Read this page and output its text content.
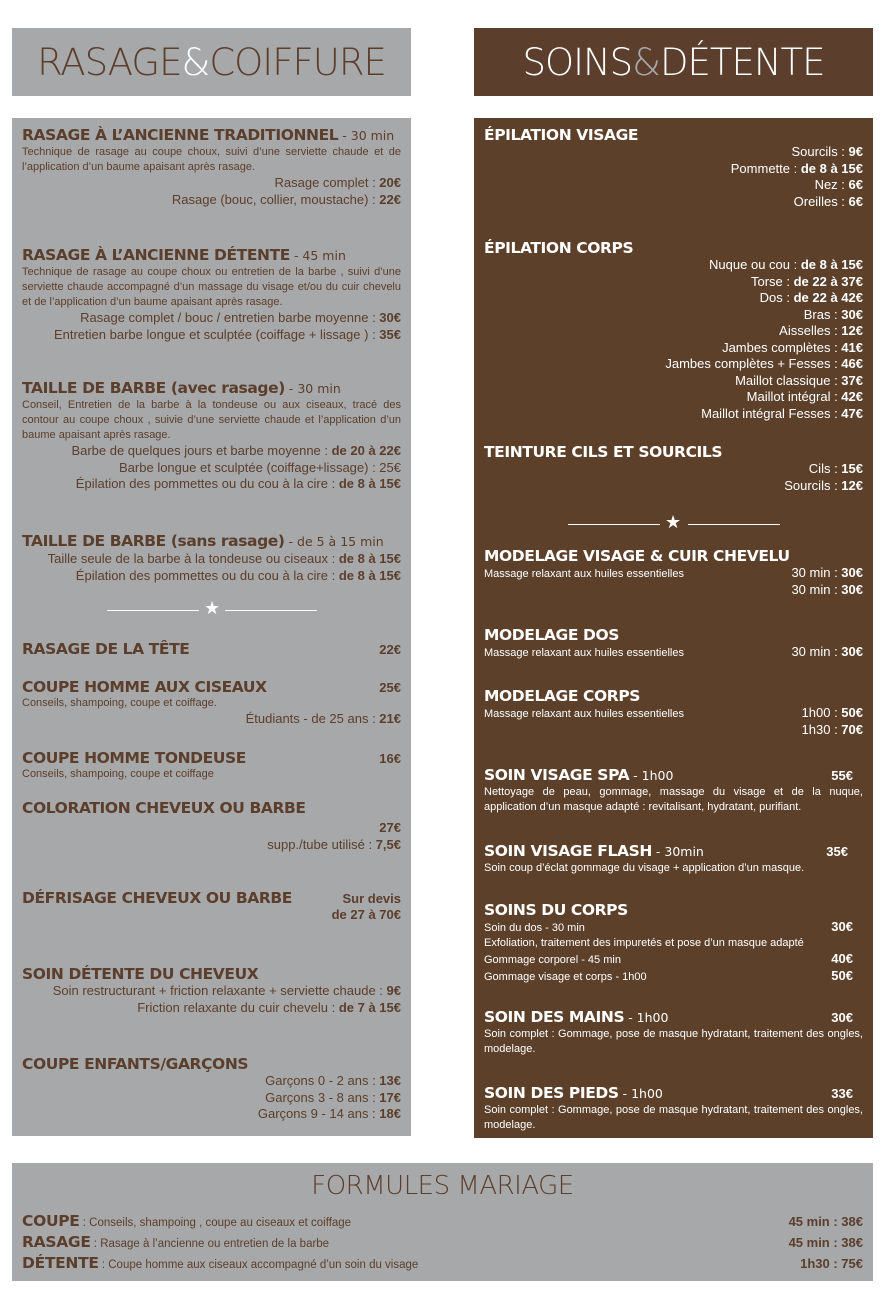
RASAGE & COIFFURE	SOINS & DÉTENTE
RASAGE À L’ANCIENNE TRADITIONNEL - 30 min
Technique de rasage au coupe choux, suivi d’une serviette chaude et de l’application d’un baume apaisant après rasage.
Rasage complet : 20€
Rasage (bouc, collier, moustache) : 22€
RASAGE À L’ANCIENNE DÉTENTE - 45 min
Technique de rasage au coupe choux ou entretien de la barbe , suivi d’une serviette chaude accompagné d’un massage du visage et/ou du cuir chevelu et de l’application d’un baume apaisant après rasage.
Rasage complet / bouc / entretien barbe moyenne : 30€
Entretien barbe longue et sculptée (coiffage + lissage ) : 35€
TAILLE DE BARBE (avec rasage) - 30 min
Conseil, Entretien de la barbe à la tondeuse ou aux ciseaux, tracé des contour au coupe choux , suivie d’une serviette chaude et l’application d’un baume apaisant après rasage.
Barbe de quelques jours et barbe moyenne : de 20 à 22€
Barbe longue et sculptée (coiffage+lissage) : 25€
Épilation des pommettes ou du cou à la cire : de 8 à 15€
TAILLE DE BARBE (sans rasage) - de 5 à 15 min
Taille seule de la barbe à la tondeuse ou ciseaux : de 8 à 15€
Épilation des pommettes ou du cou à la cire : de 8 à 15€
★
RASAGE DE LA TÊTE	22€
COUPE HOMME AUX CISEAUX	25€
Conseils, shampoing, coupe et coiffage.
Étudiants - de 25 ans : 21€
COUPE HOMME TONDEUSE	16€
Conseils, shampoing, coupe et coiffage
COLORATION CHEVEUX OU BARBE
27€
supp./tube utilisé : 7,5€
DÉFRISAGE CHEVEUX OU BARBE	Sur devis
de 27 à 70€
SOIN DÉTENTE DU CHEVEUX
Soin restructurant + friction relaxante + serviette chaude : 9€
Friction relaxante du cuir chevelu : de 7 à 15€
COUPE ENFANTS/GARÇONS
Garçons 0 - 2 ans : 13€
Garçons 3 - 8 ans : 17€
Garçons 9 - 14 ans : 18€
ÉPILATION VISAGE
Sourcils : 9€
Pommette : de 8 à 15€
Nez : 6€
Oreilles : 6€
ÉPILATION CORPS
Nuque ou cou : de 8 à 15€
Torse : de 22 à 37€
Dos : de 22 à 42€
Bras : 30€
Aisselles : 12€
Jambes complètes : 41€
Jambes complètes + Fesses : 46€
Maillot classique : 37€
Maillot intégral : 42€
Maillot intégral Fesses : 47€
TEINTURE CILS ET SOURCILS
Cils : 15€
Sourcils : 12€
★
MODELAGE VISAGE & CUIR CHEVELU
Massage relaxant aux huiles essentielles	30 min : 30€
30 min : 30€
MODELAGE DOS
Massage relaxant aux huiles essentielles	30 min : 30€
MODELAGE CORPS
Massage relaxant aux huiles essentielles	1h00 : 50€
1h30 : 70€
SOIN VISAGE SPA - 1h00	55€
Nettoyage de peau, gommage, massage du visage et de la nuque, application d’un masque adapté : revitalisant, hydratant, purifiant.
SOIN VISAGE FLASH - 30min	35€
Soin coup d’éclat gommage du visage + application d’un masque.
SOINS DU CORPS
Soin du dos - 30 min	30€
Exfoliation, traitement des impuretés et pose d’un masque adapté
Gommage corporel - 45 min	40€
Gommage visage et corps - 1h00	50€
SOIN DES MAINS - 1h00	30€
Soin complet : Gommage, pose de masque hydratant, traitement des ongles, modelage.
SOIN DES PIEDS - 1h00	33€
Soin complet : Gommage, pose de masque hydratant, traitement des ongles, modelage.
FORMULES MARIAGE
COUPE : Conseils, shampoing , coupe au ciseaux et coiffage	45 min : 38€
RASAGE : Rasage à l’ancienne ou entretien de la barbe	45 min : 38€
DÉTENTE : Coupe homme aux ciseaux accompagné d’un soin du visage	1h30 : 75€
